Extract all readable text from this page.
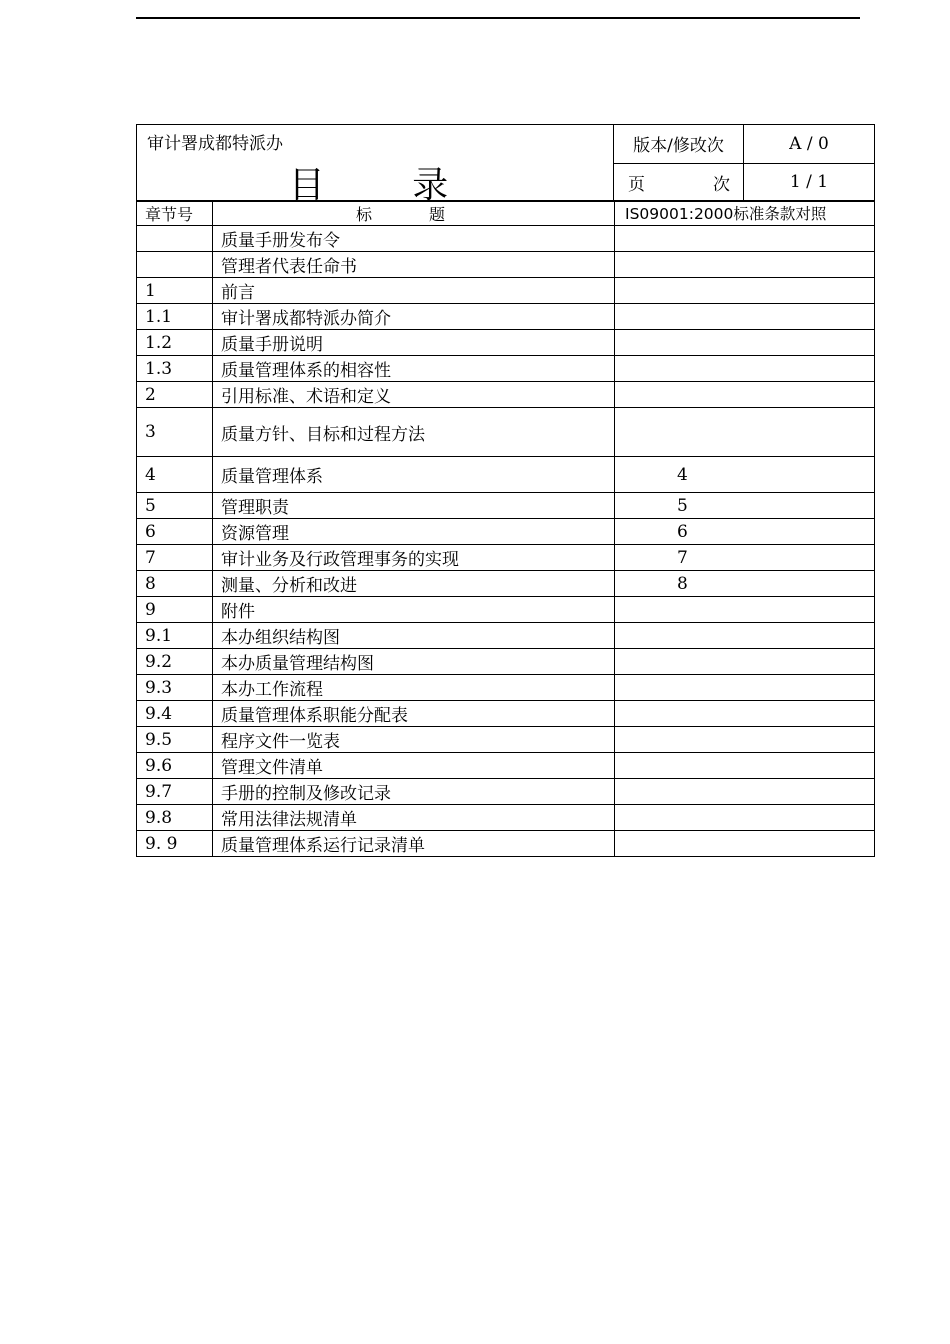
审计署成都特派办
目 录	版本/修改次	A / 0

	页 次	1 / 1
章节号	标 题	IS09001:2000标准条款对照
	质量手册发布令	
	管理者代表任命书	
1	前言	
1.1	审计署成都特派办简介	
1.2	质量手册说明	
1.3	质量管理体系的相容性	
2	引用标准、术语和定义	
3	质量方针、目标和过程方法	
4	质量管理体系	4
5	管理职责	5
6	资源管理	6
7	审计业务及行政管理事务的实现	7
8	测量、分析和改进	8
9	附件	
9.1	本办组织结构图	
9.2	本办质量管理结构图	
9.3	本办工作流程	
9.4	质量管理体系职能分配表	
9.5	程序文件一览表	
9.6	管理文件清单	
9.7	手册的控制及修改记录	
9.8	常用法律法规清单	
9. 9	质量管理体系运行记录清单	
